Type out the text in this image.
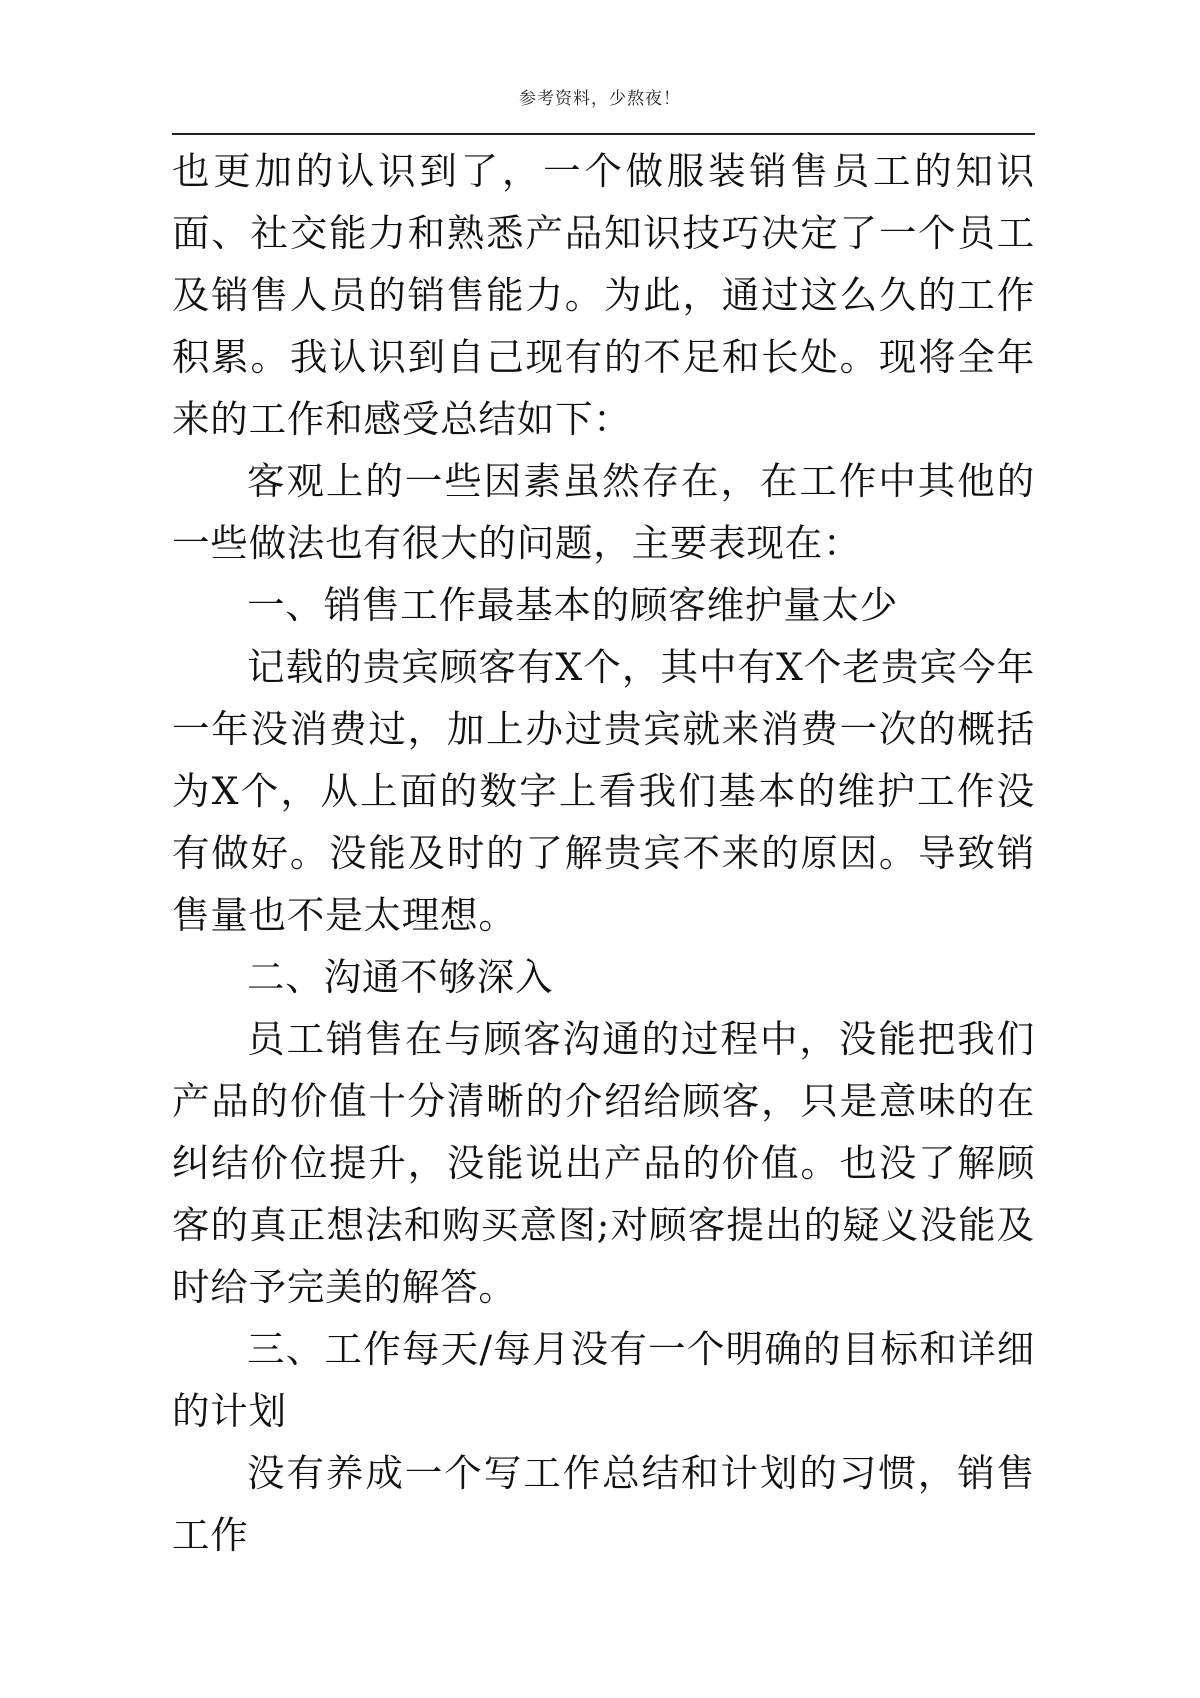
参考资料，少熬夜！

也更加的认识到了，一个做服装销售员工的知识面、社交能力和熟悉产品知识技巧决定了一个员工及销售人员的销售能力。为此，通过这么久的工作积累。我认识到自己现有的不足和长处。现将全年来的工作和感受总结如下：

客观上的一些因素虽然存在，在工作中其他的一些做法也有很大的问题，主要表现在：

一、销售工作最基本的顾客维护量太少

记载的贵宾顾客有X个，其中有X个老贵宾今年一年没消费过，加上办过贵宾就来消费一次的概括为X个，从上面的数字上看我们基本的维护工作没有做好。没能及时的了解贵宾不来的原因。导致销售量也不是太理想。

二、沟通不够深入

员工销售在与顾客沟通的过程中，没能把我们产品的价值十分清晰的介绍给顾客，只是意味的在纠结价位提升，没能说出产品的价值。也没了解顾客的真正想法和购买意图;对顾客提出的疑义没能及时给予完美的解答。

三、工作每天/每月没有一个明确的目标和详细的计划

没有养成一个写工作总结和计划的习惯，销售工作
